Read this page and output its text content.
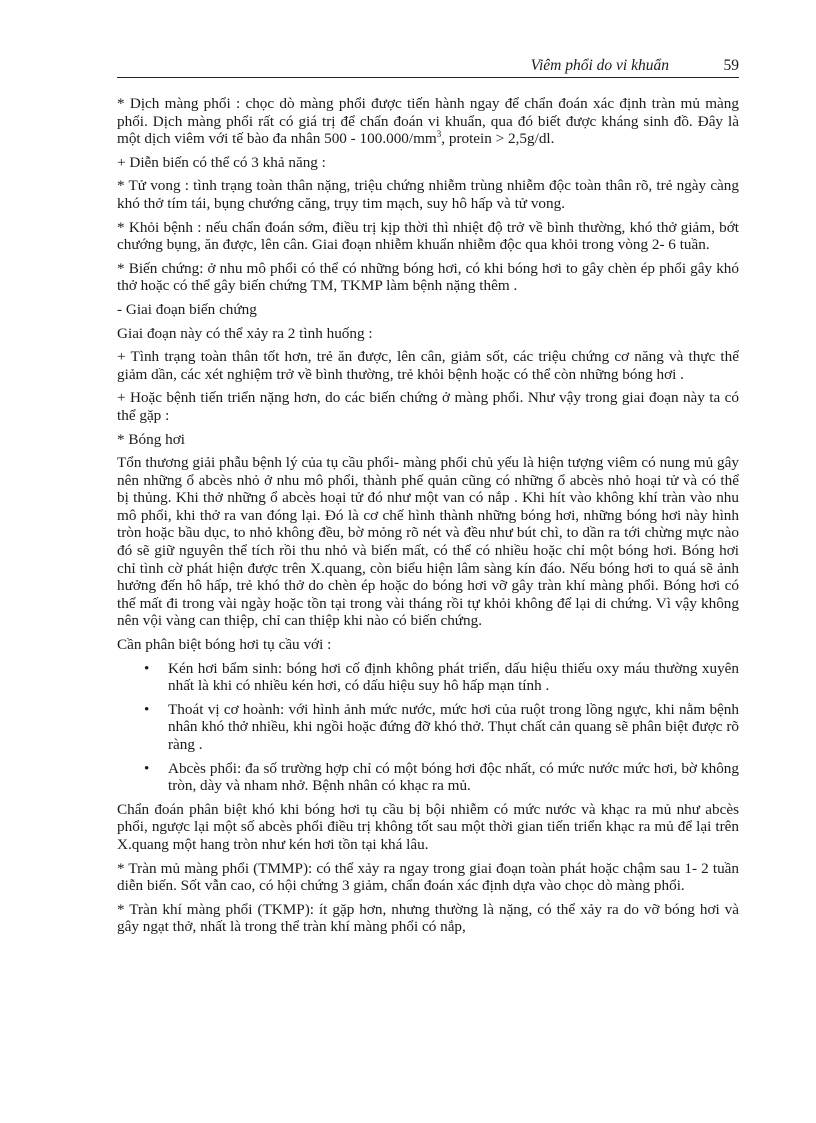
Viêm phổi do vi khuẩn	59

* Dịch màng phổi : chọc dò màng phổi được tiến hành ngay để chẩn đoán xác định tràn mủ màng phổi. Dịch màng phổi rất có giá trị để chẩn đoán vi khuẩn, qua đó biết được kháng sinh đồ. Đây là một dịch viêm với tế bào đa nhân $500 - 100.000/mm^3$, protein > 2,5g/dl.

+ Diễn biến có thể có 3 khả năng :

* Tử vong : tình trạng toàn thân nặng, triệu chứng nhiễm trùng nhiễm độc toàn thân rõ, trẻ ngày càng khó thở tím tái, bụng chướng căng, trụy tim mạch, suy hô hấp và tử vong.

* Khỏi bệnh : nếu chẩn đoán sớm, điều trị kịp thời thì nhiệt độ trở về bình thường, khó thở giảm, bớt chướng bụng, ăn được, lên cân. Giai đoạn nhiễm khuẩn nhiễm độc qua khỏi trong vòng 2- 6 tuần.

* Biến chứng: ở nhu mô phổi có thể có những bóng hơi, có khi bóng hơi to gây chèn ép phổi gây khó thở hoặc có thể gây biến chứng TM, TKMP làm bệnh nặng thêm .

- Giai đoạn biến chứng

Giai đoạn này có thể xảy ra 2 tình huống :

+ Tình trạng toàn thân tốt hơn, trẻ ăn được, lên cân, giảm sốt, các triệu chứng cơ năng và thực thể giảm dần, các xét nghiệm trở về bình thường, trẻ khỏi bệnh hoặc có thể còn những bóng hơi .

+ Hoặc bệnh tiến triển nặng hơn, do các biến chứng ở màng phổi. Như vậy trong giai đoạn này ta có thể gặp :

* Bóng hơi

Tổn thương giải phẫu bệnh lý của tụ cầu phổi- màng phổi chủ yếu là hiện tượng viêm có nung mủ gây nên những ổ abcès nhỏ ở nhu mô phổi, thành phế quản cũng có những ổ abcès nhỏ hoại tử và có thể bị thủng. Khi thở những ổ abcès hoại tử đó như một van có nắp . Khi hít vào không khí tràn vào nhu mô phổi, khi thở ra van đóng lại. Đó là cơ chế hình thành những bóng hơi, những bóng hơi này hình tròn hoặc bầu dục, to nhỏ không đều, bờ mỏng rõ nét và đều như bút chì, to dần ra tới chừng mực nào đó sẽ giữ nguyên thể tích rồi thu nhỏ và biến mất, có thể có nhiều hoặc chỉ một bóng hơi. Bóng hơi chỉ tình cờ phát hiện được trên X.quang, còn biểu hiện lâm sàng kín đáo. Nếu bóng hơi to quá sẽ ảnh hưởng đến hô hấp, trẻ khó thở do chèn ép hoặc do bóng hơi vỡ gây tràn khí màng phổi. Bóng hơi có thể mất đi trong vài ngày hoặc tồn tại trong vài tháng rồi tự khỏi không để lại di chứng. Vì vậy không nên vội vàng can thiệp, chỉ can thiệp khi nào có biến chứng.

Cần phân biệt bóng hơi tụ cầu với :

• Kén hơi bẩm sinh: bóng hơi cố định không phát triển, dấu hiệu thiếu oxy máu thường xuyên nhất là khi có nhiều kén hơi, có dấu hiệu suy hô hấp mạn tính .
• Thoát vị cơ hoành: với hình ảnh mức nước, mức hơi của ruột trong lồng ngực, khi nằm bệnh nhân khó thở nhiều, khi ngồi hoặc đứng đỡ khó thở. Thụt chất cản quang sẽ phân biệt được rõ ràng .
• Abcès phổi: đa số trường hợp chỉ có một bóng hơi độc nhất, có mức nước mức hơi, bờ không tròn, dày và nham nhở. Bệnh nhân có khạc ra mủ.

Chẩn đoán phân biệt khó khi bóng hơi tụ cầu bị bội nhiễm có mức nước và khạc ra mủ như abcès phổi, ngược lại một số abcès phổi điều trị không tốt sau một thời gian tiến triển khạc ra mủ để lại trên X.quang một hang tròn như kén hơi tồn tại khá lâu.

* Tràn mủ màng phổi (TMMP): có thể xảy ra ngay trong giai đoạn toàn phát hoặc chậm sau 1- 2 tuần diễn biến. Sốt vẫn cao, có hội chứng 3 giảm, chẩn đoán xác định dựa vào chọc dò màng phổi.

* Tràn khí màng phổi (TKMP): ít gặp hơn, nhưng thường là nặng, có thể xảy ra do vỡ bóng hơi và gây ngạt thở, nhất là trong thể tràn khí màng phổi có nắp,
